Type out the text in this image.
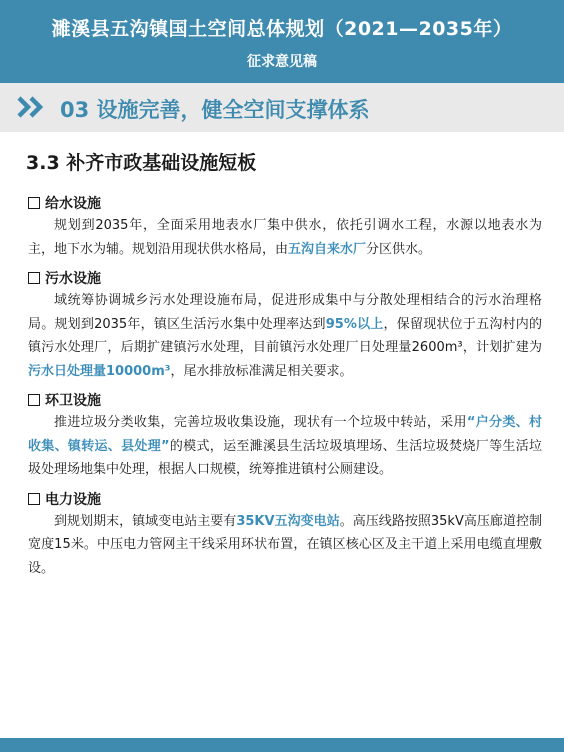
濉溪县五沟镇国土空间总体规划（2021—2035年）
征求意见稿
03 设施完善，健全空间支撑体系
3.3 补齐市政基础设施短板
给水设施

规划到2035年，全面采用地表水厂集中供水，依托引调水工程，水源以地表水为主，地下水为辅。规划沿用现状供水格局，由五沟自来水厂分区供水。

污水设施

域统筹协调城乡污水处理设施布局，促进形成集中与分散处理相结合的污水治理格局。规划到2035年，镇区生活污水集中处理率达到95%以上，保留现状位于五沟村内的镇污水处理厂，后期扩建镇污水处理，目前镇污水处理厂日处理量2600m³，计划扩建为污水日处理量10000m³，尾水排放标准满足相关要求。

环卫设施

推进垃圾分类收集，完善垃圾收集设施，现状有一个垃圾中转站，采用“户分类、村收集、镇转运、县处理”的模式，运至濉溪县生活垃圾填埋场、生活垃圾焚烧厂等生活垃圾处理场地集中处理，根据人口规模，统筹推进镇村公厕建设。

电力设施

到规划期末，镇域变电站主要有35KV五沟变电站。高压线路按照35kV高压廊道控制宽度15米。中压电力管网主干线采用环状布置，在镇区核心区及主干道上采用电缆直埋敷设。
